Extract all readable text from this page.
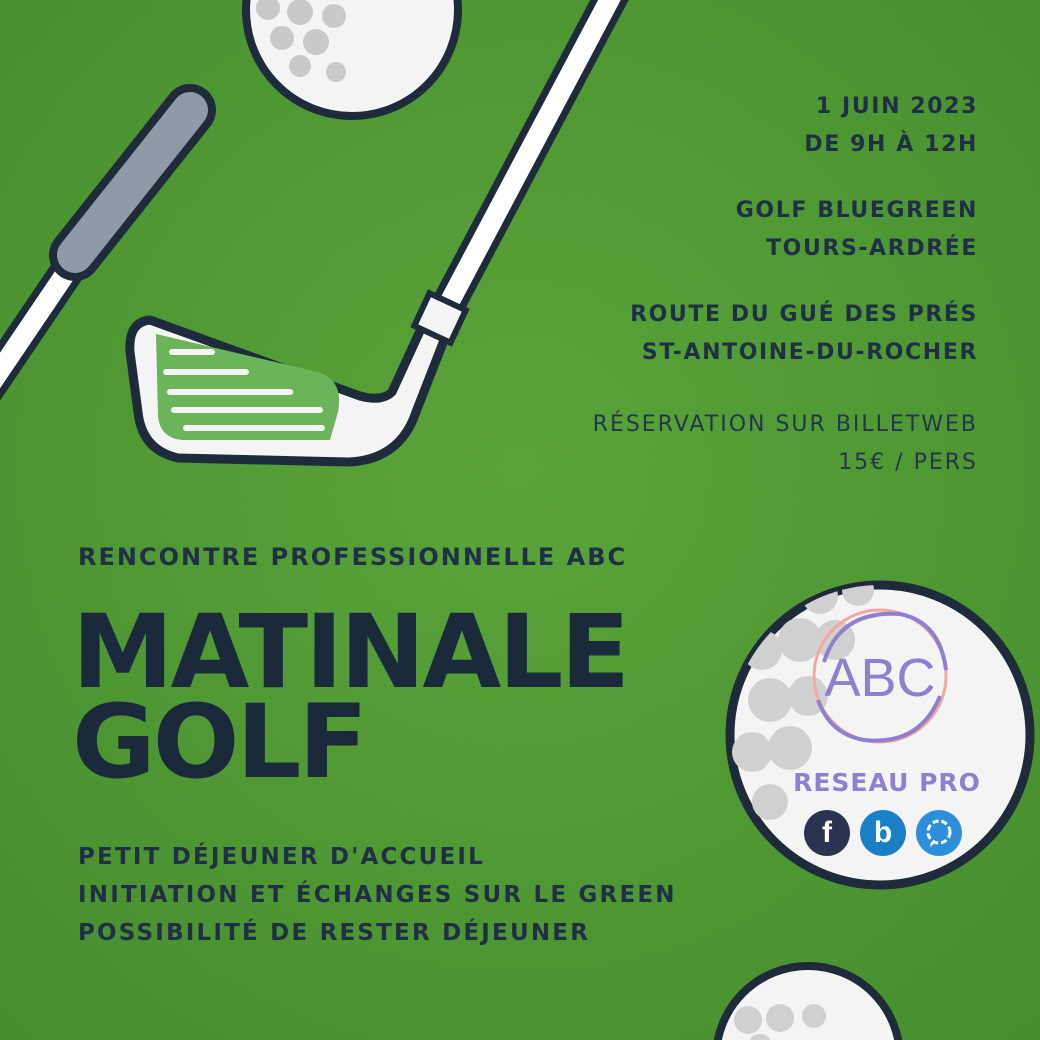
1 JUIN 2023
DE 9H À 12H

GOLF BLUEGREEN
TOURS-ARDRÉE

ROUTE DU GUÉ DES PRÉS
ST-ANTOINE-DU-ROCHER

RÉSERVATION SUR BILLETWEB
15€ / PERS

RENCONTRE PROFESSIONNELLE ABC

MATINALE
GOLF
PETIT DÉJEUNER D'ACCUEIL
INITIATION ET ÉCHANGES SUR LE GREEN
POSSIBILITÉ DE RESTER DÉJEUNER
ABC

RESEAU PRO

f b
